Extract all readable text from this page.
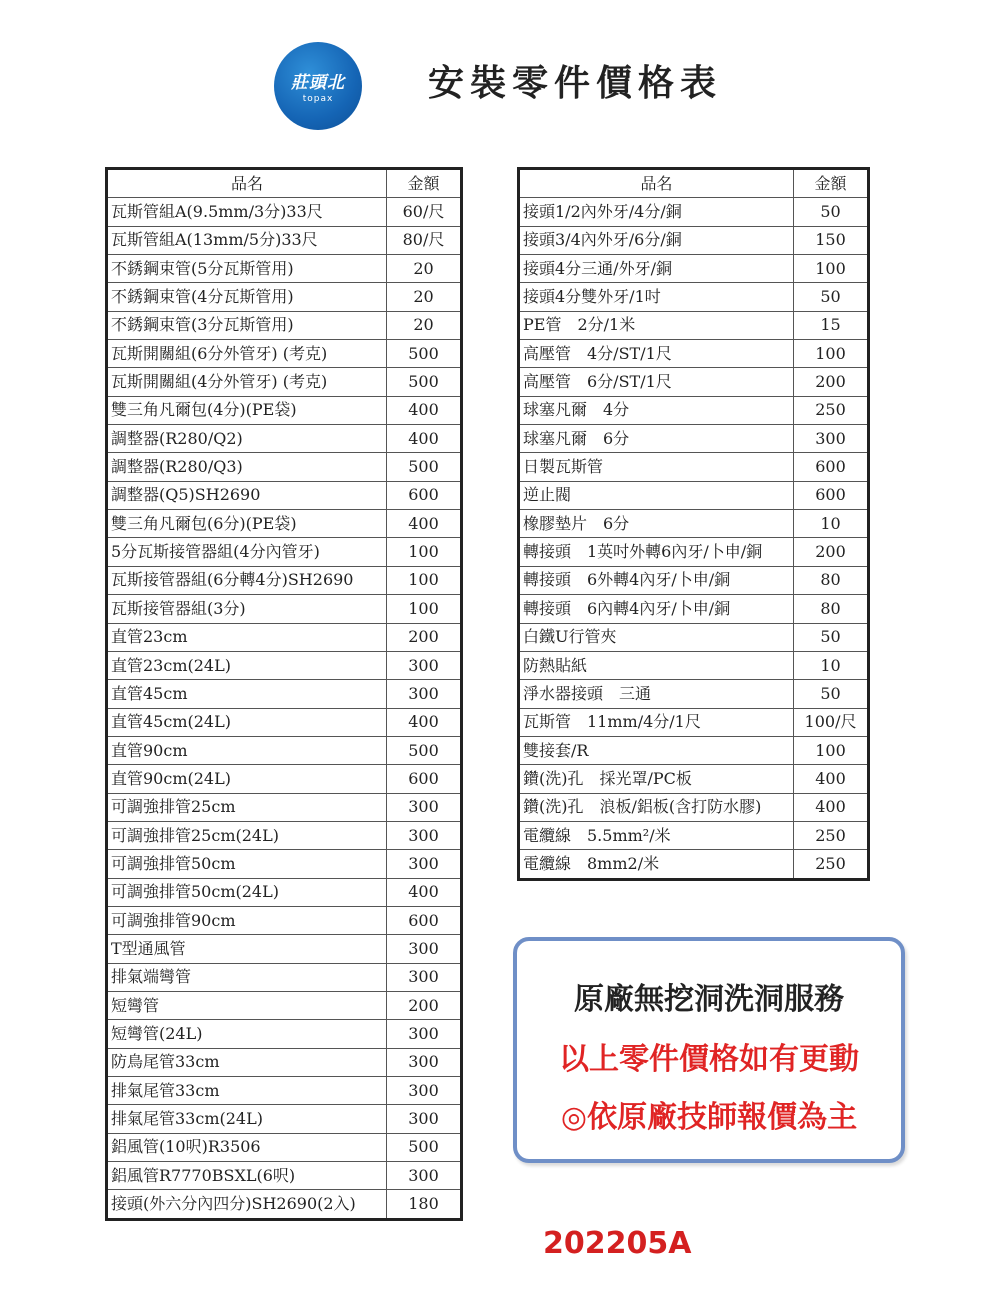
莊頭北
topax	安裝零件價格表
品名	金額
瓦斯管組A(9.5mm/3分)33尺	60/尺
瓦斯管組A(13mm/5分)33尺	80/尺
不銹鋼束管(5分瓦斯管用)	20
不銹鋼束管(4分瓦斯管用)	20
不銹鋼束管(3分瓦斯管用)	20
瓦斯開關組(6分外管牙) (考克)	500
瓦斯開關組(4分外管牙) (考克)	500
雙三角凡爾包(4分)(PE袋)	400
調整器(R280/Q2)	400
調整器(R280/Q3)	500
調整器(Q5)SH2690	600
雙三角凡爾包(6分)(PE袋)	400
5分瓦斯接管器組(4分內管牙)	100
瓦斯接管器組(6分轉4分)SH2690	100
瓦斯接管器組(3分)	100
直管23cm	200
直管23cm(24L)	300
直管45cm	300
直管45cm(24L)	400
直管90cm	500
直管90cm(24L)	600
可調強排管25cm	300
可調強排管25cm(24L)	300
可調強排管50cm	300
可調強排管50cm(24L)	400
可調強排管90cm	600
T型通風管	300
排氣端彎管	300
短彎管	200
短彎管(24L)	300
防鳥尾管33cm	300
排氣尾管33cm	300
排氣尾管33cm(24L)	300
鋁風管(10呎)R3506	500
鋁風管R7770BSXL(6呎)	300
接頭(外六分內四分)SH2690(2入)	180
品名	金額
接頭1/2內外牙/4分/銅	50
接頭3/4內外牙/6分/銅	150
接頭4分三通/外牙/銅	100
接頭4分雙外牙/1吋	50
PE管　2分/1米	15
高壓管　4分/ST/1尺	100
高壓管　6分/ST/1尺	200
球塞凡爾　4分	250
球塞凡爾　6分	300
日製瓦斯管	600
逆止閥	600
橡膠墊片　6分	10
轉接頭　1英吋外轉6內牙/卜申/銅	200
轉接頭　6外轉4內牙/卜申/銅	80
轉接頭　6內轉4內牙/卜申/銅	80
白鐵U行管夾	50
防熱貼紙	10
淨水器接頭　三通	50
瓦斯管　11mm/4分/1尺	100/尺
雙接套/R	100
鑽(洗)孔　採光罩/PC板	400
鑽(洗)孔　浪板/鋁板(含打防水膠)	400
電纜線　5.5mm²/米	250
電纜線　8mm2/米	250
原廠無挖洞洗洞服務
以上零件價格如有更動
◎依原廠技師報價為主
202205A
